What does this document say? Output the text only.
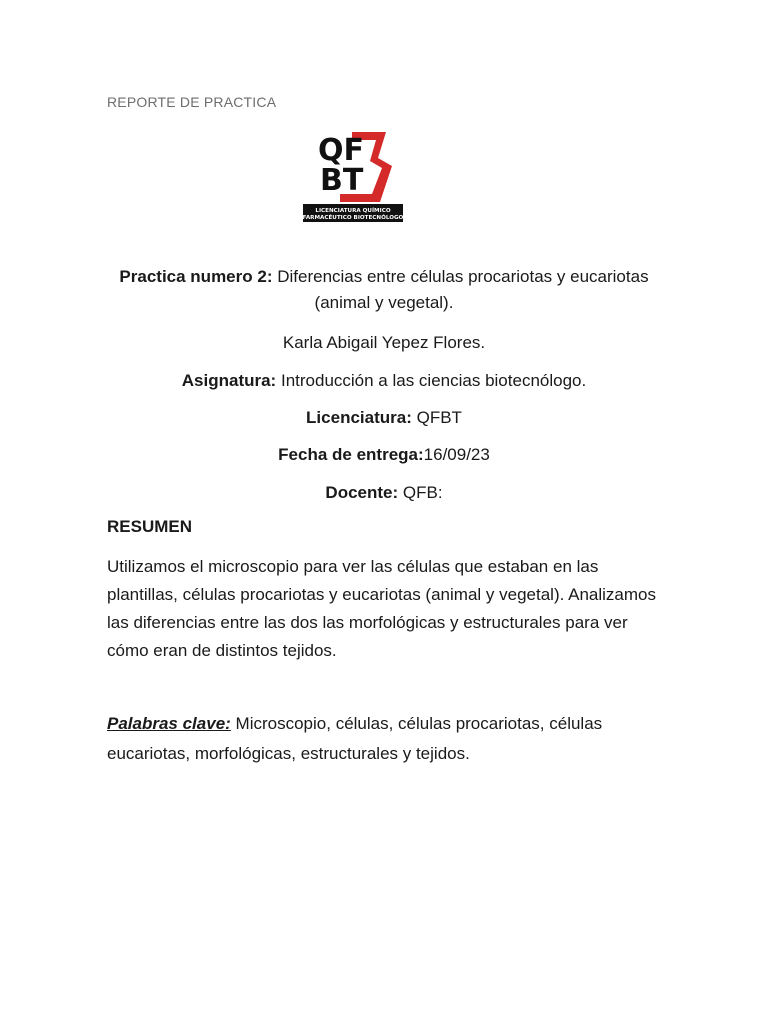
REPORTE DE PRACTICA
QF
BT
LICENCIATURA QUÍMICO
FARMACÉUTICO BIOTECNÓLOGO
Practica numero 2: Diferencias entre células procariotas y eucariotas (animal y vegetal).
Karla Abigail Yepez Flores.
Asignatura: Introducción a las ciencias biotecnólogo.
Licenciatura: QFBT
Fecha de entrega:16/09/23
Docente: QFB:
RESUMEN
Utilizamos el microscopio para ver las células que estaban en las plantillas, células procariotas y eucariotas (animal y vegetal). Analizamos las diferencias entre las dos las morfológicas y estructurales para ver cómo eran de distintos tejidos.
Palabras clave: Microscopio, células, células procariotas, células eucariotas, morfológicas, estructurales y tejidos.
